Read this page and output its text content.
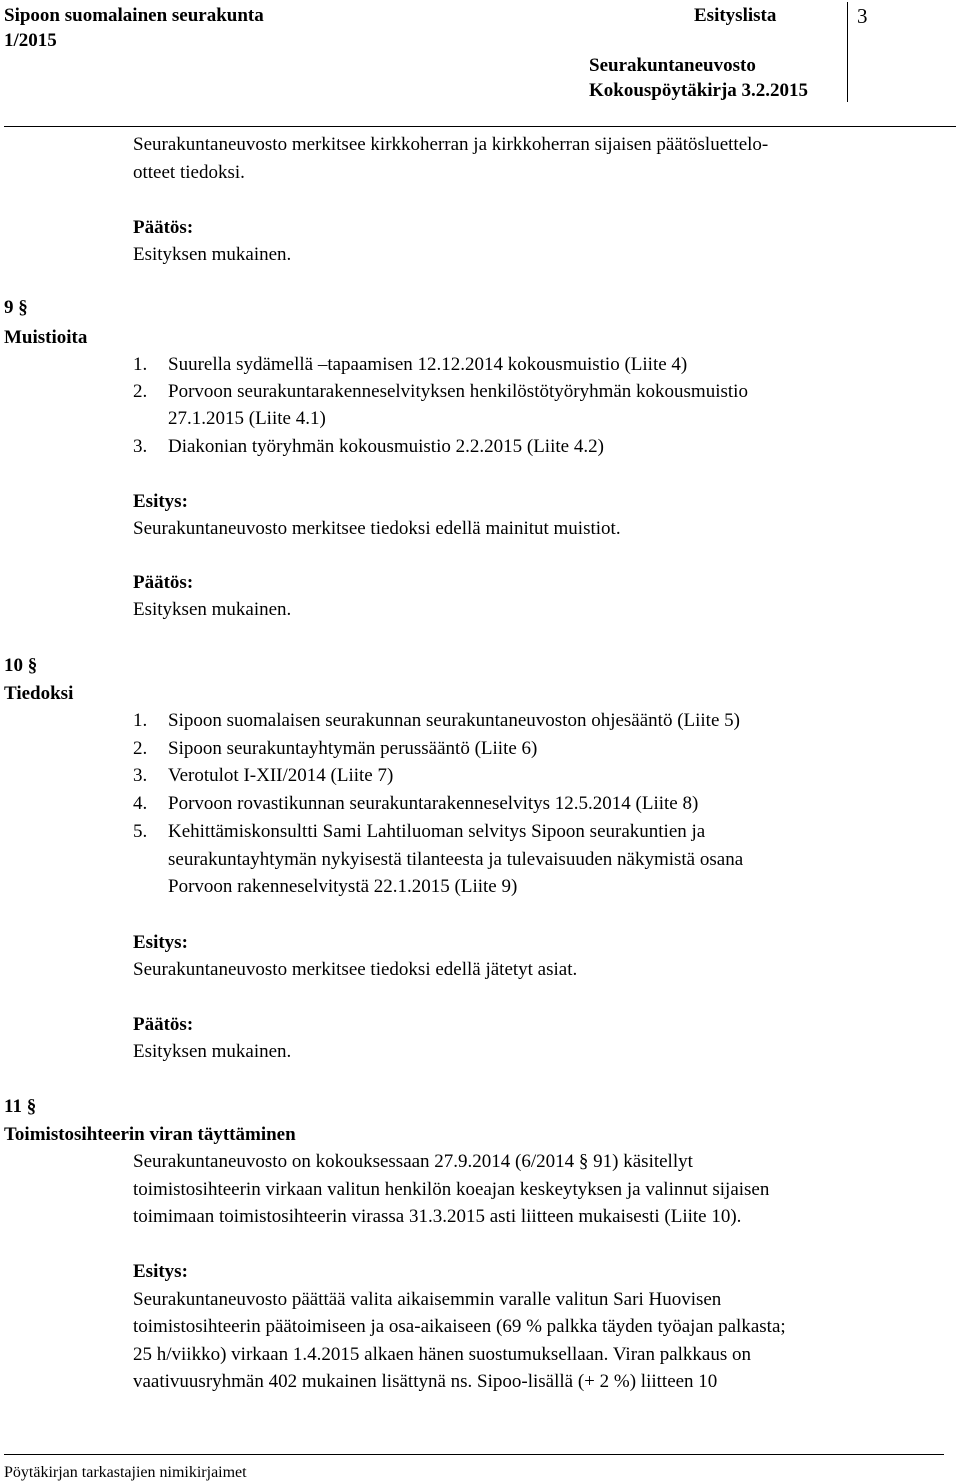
Sipoon suomalainen seurakunta
1/2015
Esityslista
Seurakuntaneuvosto
Kokouspöytäkirja 3.2.2015
3
Seurakuntaneuvosto merkitsee kirkkoherran ja kirkkoherran sijaisen päätösluettelo-
otteet tiedoksi.
Päätös:
Esityksen mukainen.
9 §
Muistioita
1. Suurella sydämellä –tapaamisen 12.12.2014 kokousmuistio (Liite 4)
2. Porvoon seurakuntarakenneselvityksen henkilöstötyöryhmän kokousmuistio
27.1.2015 (Liite 4.1)
3. Diakonian työryhmän kokousmuistio 2.2.2015 (Liite 4.2)
Esitys:
Seurakuntaneuvosto merkitsee tiedoksi edellä mainitut muistiot.
Päätös:
Esityksen mukainen.
10 §
Tiedoksi
1. Sipoon suomalaisen seurakunnan seurakuntaneuvoston ohjesääntö (Liite 5)
2. Sipoon seurakuntayhtymän perussääntö (Liite 6)
3. Verotulot I-XII/2014 (Liite 7)
4. Porvoon rovastikunnan seurakuntarakenneselvitys 12.5.2014 (Liite 8)
5. Kehittämiskonsultti Sami Lahtiluoman selvitys Sipoon seurakuntien ja
seurakuntayhtymän nykyisestä tilanteesta ja tulevaisuuden näkymistä osana
Porvoon rakenneselvitystä 22.1.2015 (Liite 9)
Esitys:
Seurakuntaneuvosto merkitsee tiedoksi edellä jätetyt asiat.
Päätös:
Esityksen mukainen.
11 §
Toimistosihteerin viran täyttäminen
Seurakuntaneuvosto on kokouksessaan 27.9.2014 (6/2014 § 91) käsitellyt
toimistosihteerin virkaan valitun henkilön koeajan keskeytyksen ja valinnut sijaisen
toimimaan toimistosihteerin virassa 31.3.2015 asti liitteen mukaisesti (Liite 10).
Esitys:
Seurakuntaneuvosto päättää valita aikaisemmin varalle valitun Sari Huovisen
toimistosihteerin päätoimiseen ja osa-aikaiseen (69 % palkka täyden työajan palkasta;
25 h/viikko) virkaan 1.4.2015 alkaen hänen suostumuksellaan. Viran palkkaus on
vaativuusryhmän 402 mukainen lisättynä ns. Sipoo-lisällä (+ 2 %) liitteen 10
Pöytäkirjan tarkastajien nimikirjaimet
